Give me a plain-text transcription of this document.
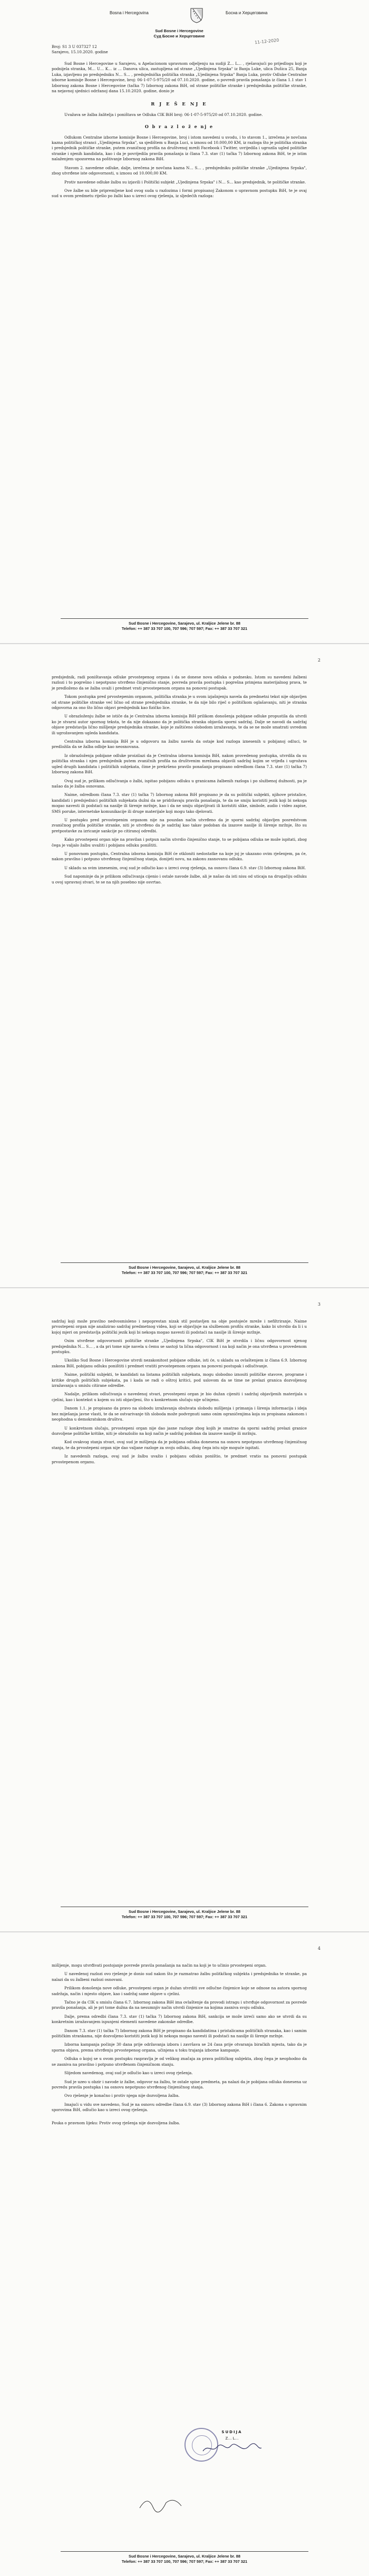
Bosna i Hercegovina	Босна и Херцеговина
Sud Bosne i Hercegovine
Суд Босне и Херцеговине
11-12-2020
Broj: S1 3 U 037327 12
Sarajevo, 15.10.2020. godine

Sud Bosne i Hercegovine u Sarajevu, u Apelacionom upravnom odjeljenju na sudiji Z… L… , rješavajući po prijedlogu koji je podnijela stranka, M… U… K… iz … Danova ulica, zastupljena od strane „Ujedinjena Srpska" iz Banja Luke, ulica Dušica 25, Banja Luka, izjavljenu po predsjedniku N… S… , predsjednička politička stranka „Ujedinjena Srpska" Banja Luka, protiv Odluke Centralne izborne komisije Bosne i Hercegovine, broj: 06-1-07-5-975/20 od 07.10.2020. godine, o povredi pravila ponašanja iz člana 1.1 stav 1 Izbornog zakona Bosne i Hercegovine (tačka 7) Izbornog zakona BiH, od strane političke stranke i predsjednika političke stranke, na nejavnoj sjednici održanoj dana 15.10.2020. godine, donio je

R J E Š E NJ E

Uvažava se žalba žalitelja i poništava se Odluka CIK BiH broj: 06-1-07-5-975/20 od 07.10.2020. godine.

O b r a z l o ž e nj e

Odlukom Centralne izborne komisije Bosne i Hercegovine, broj i istom navedeni u uvodu, i to stavom 1., izrečena je novčana kazna političkoj stranci „Ujedinjena Srpska", sa sjedištem u Banja Luci, u iznosu od 10.000,00 KM, iz razloga što je politička stranka i predsjednik političke stranke, putem zvaničnog profila na društvenoj mreži Facebook i Twitter, uvrijedila i ugrozila ugled političke stranke i njenih kandidata, kao i da je povrijedila pravila ponašanja iz člana 7.3. stav (1) tačka 7) Izbornog zakona BiH, te je istim nalaženjem upozorena na poštivanje Izbornog zakona BiH.

Stavom 2. navedene odluke, dalje, izrečena je novčana kazna N… S… , predsjedniku političke stranke „Ujedinjena Srpska", zbog utvrđene iste odgovornosti, u iznosu od 10.000,00 KM.

Protiv navedene odluke žalbu su izjavili i Politički subjekt „Ujedinjena Srpska" i N… S… kao predsjednik, te političke stranke.

Ove žalbe su bile pripremljene kod ovog suda u razlozima i formi propisanoj Zakonom o upravnom postupku BiH, te je ovaj sud u ovom predmetu riješio po žalbi kao u izreci ovog rješenja, iz sljedećih razloga:

Sud Bosne i Hercegovine, Sarajevo, ul. Kraljice Jelene br. 88
Telefon: ++ 387 33 707 100, 707 596; 707 597; Fax: ++ 387 33 707 321
2

predsjednik, radi poništavanja odluke prvostepenog organa i da se donese nova odluka o podnesku. Istom su navedeni žalbeni razlozi i to pogrešno i nepotpuno utvrđeno činjenično stanje, povreda pravila postupka i pogrešna primjena materijalnog prava, te je predloženo da se žalba uvaži i predmet vrati prvostepenom organu na ponovni postupak.

Tokom postupka pred prvostepenim organom, politička stranka je u svom izjašnjenju navela da predmetni tekst nije objavljen od strane političke stranke već lično od strane predsjednika stranke, te da nije bilo riječ o političkom oglašavanju, niti je stranka odgovorna za ono što lično objavi predsjednik kao fizičko lice.

U obrazloženju žalbe se ističe da je Centralna izborna komisija BiH prilikom donošenja pobijane odluke propustila da utvrdi ko je stvarni autor spornog teksta, te da nije dokazano da je politička stranka objavila sporni sadržaj. Dalje se navodi da sadržaj objave predstavlja lično mišljenje predsjednika stranke, koje je zaštićeno slobodom izražavanja, te da se ne može smatrati uvredom ili ugrožavanjem ugleda kandidata.

Centralna izborna komisija BiH je u odgovoru na žalbu navela da ostaje kod razloga iznesenih u pobijanoj odluci, te predložila da se žalba odbije kao neosnovana.

Iz obrazloženja pobijane odluke proizilazi da je Centralna izborna komisija BiH, nakon provedenog postupka, utvrdila da su politička stranka i njen predsjednik putem zvaničnih profila na društvenim mrežama objavili sadržaj kojim se vrijeđa i ugrožava ugled drugih kandidata i političkih subjekata, čime je prekršeno pravilo ponašanja propisano odredbom člana 7.3. stav (1) tačka 7) Izbornog zakona BiH.

Ovaj sud je, prilikom odlučivanja o žalbi, ispitao pobijanu odluku u granicama žalbenih razloga i po službenoj dužnosti, pa je našao da je žalba osnovana.

Naime, odredbom člana 7.3. stav (1) tačka 7) Izbornog zakona BiH propisano je da su politički subjekti, njihove pristalice, kandidati i predsjednici političkih subjekata dužni da se pridržavaju pravila ponašanja, te da ne smiju koristiti jezik koji bi nekoga mogao navesti ili podstaći na nasilje ili širenje mržnje, kao i da ne smiju objavljivati ili koristiti slike, simbole, audio i video zapise, SMS poruke, internetske komunikacije ili druge materijale koji mogu tako djelovati.

U postupku pred prvostepenim organom nije na pouzdan način utvrđeno da je sporni sadržaj objavljen posredstvom zvaničnog profila političke stranke, niti je utvrđeno da je sadržaj kao takav podoban da izazove nasilje ili širenje mržnje, što su pretpostavke za izricanje sankcije po citiranoj odredbi.

Kako prvostepeni organ nije na pravilan i potpun način utvrdio činjenično stanje, to se pobijana odluka ne može ispitati, zbog čega je valjalo žalbu uvažiti i pobijanu odluku poništiti.

U ponovnom postupku, Centralna izborna komisija BiH će otkloniti nedostatke na koje joj je ukazano ovim rješenjem, pa će, nakon pravilno i potpuno utvrđenog činjeničnog stanja, donijeti novu, na zakonu zasnovanu odluku.

U skladu sa svim iznesenim, ovaj sud je odlučio kao u izreci ovog rješenja, na osnovu člana 6.9. stav (3) Izbornog zakona BiH.

Sud napominje da je prilikom odlučivanja cijenio i ostale navode žalbe, ali je našao da isti nisu od uticaja na drugačiju odluku u ovoj upravnoj stvari, te se na njih posebno nije osvrtao.

Sud Bosne i Hercegovine, Sarajevo, ul. Kraljice Jelene br. 88
Telefon: ++ 387 33 707 100, 707 596; 707 597; Fax: ++ 387 33 707 321
3

sadržaj koji može pravilno nedvosmisleno i nepoprestan nizak stil postavljen na obje postojeće mreže i nefiltriranje. Naime prvostepeni organ nije analizirao sadržaj predmetnog videa, koji se objavljuje na službenom profilu stranke, kako bi utvrdio da li i u kojoj mjeri on predstavlja politički jezik koji bi nekoga mogao navesti ili podstaći na nasilje ili širenje mržnje.

Osim utvrđene odgovornosti političke stranke „Ujedinjena Srpska", CIK BiH je utvrdila i ličnu odgovornost njenog predsjednika N… S… , a da pri tome nije navela u čemu se sastoji ta lična odgovornost i na koji način je ona utvrđena u provedenom postupku.

Ukoliko Sud Bosne i Hercegovine utvrdi nezakonitost pobijane odluke, isti će, u skladu sa ovlaštenjem iz člana 6.9. Izbornog zakona BiH, pobijanu odluku poništiti i predmet vratiti prvostepenom organu na ponovni postupak i odlučivanje.

Naime, politički subjekti, te kandidati na listama političkih subjekata, mogu slobodno iznositi političke stavove, programe i kritike drugih političkih subjekata, pa i kada se radi o oštroj kritici, pod uslovom da se time ne prelazi granica dozvoljenog izražavanja u smislu citirane odredbe.

Nadalje, prilikom odlučivanja o navedenoj stvari, prvostepeni organ je bio dužan cijeniti i sadržaj objavljenih materijala u cjelini, kao i kontekst u kojem su isti objavljeni, što u konkretnom slučaju nije učinjeno.

Danom 1.1. je propisano da pravo na slobodu izražavanja obuhvata slobodu mišljenja i primanja i širenja informacija i ideja bez miješanja javne vlasti, te da se ostvarivanje tih sloboda može podvrgnuti samo onim ograničenjima koja su propisana zakonom i neophodna u demokratskom društvu.

U konkretnom slučaju, prvostepeni organ nije dao jasne razloge zbog kojih je smatrao da sporni sadržaj prelazi granice dozvoljene političke kritike, niti je obrazložio na koji način je sadržaj podoban da izazove nasilje ili mržnju.

Kod ovakvog stanja stvari, ovaj sud je mišljenja da je pobijana odluka donesena na osnovu nepotpuno utvrđenog činjeničnog stanja, te da prvostepeni organ nije dao valjane razloge za svoju odluku, zbog čega istu nije moguće ispitati.

Iz navedenih razloga, ovaj sud je žalbu uvažio i pobijanu odluku poništio, te predmet vratio na ponovni postupak prvostepenom organu.

Sud Bosne i Hercegovine, Sarajevo, ul. Kraljice Jelene br. 88
Telefon: ++ 387 33 707 100, 707 596; 707 597; Fax: ++ 387 33 707 321
4

mišljenje, mogu utvrđivati postojanje povrede pravila ponašanja na način na koji je to učinio prvostepeni organ.

U navedenoj razlozi ovo rješenje je donio sud nakon što je razmatrao žalbu politkčkog subjekta i predsjednika te stranke, pa nalazi da su žalbeni razlozi osnovani.

Prilikom donošenja nove odluke, prvostepeni organ je dužan utvrditi sve odlučne činjenice koje se odnose na autora spornog sadržaja, način i mjesto objave, kao i sadržaj same objave u cjelini.

Tačno je da CIK u smislu člana 6.7. Izbornog zakona BiH ima ovlaštenje da provodi istragu i utvrđuje odgovornost za povrede pravila ponašanja, ali je pri tome dužna da na nesumnjiv način utvrdi činjenice na kojima zasniva svoju odluku.

Dalje, prema odredbi člana 7.3. stav (1) tačka 7) Izbornog zakona BiH, sankcija se može izreći samo ako se utvrdi da su konkretnim izražavanjem ispunjeni elementi navedene zakonske odredbe.

Danom 7.3. stav (1) tačka 7) Izbornog zakona BiH je propisano da kandidatima i pristalicama političkih stranaka, kao i samim političkim strankama, nije dozvoljeno koristiti jezik koji bi nekoga mogao navesti ili podstaći na nasilje ili širenje mržnje.

Izborna kampanja počinje 30 dana prije održavanja izbora i završava se 24 časa prije otvaranja biračkih mjesta, tako da je sporna objava, prema utvrđenju prvostepenog organa, učinjena u toku trajanja izborne kampanje.

Odluka o kojoj se u ovom postupku raspravlja je od velikog značaja za prava političkog subjekta, zbog čega je neophodno da se zasniva na pravilno i potpuno utvrđenom činjeničnom stanju.

Slijedom navedenog, ovaj sud je odlučio kao u izreci ovog rješenja.

Sud je uzeo u obzir i navode iz žalbe, odgovor na žalbu, te ostale spise predmeta, pa nalazi da je pobijana odluka donesena uz povredu pravila postupka i na osnovu nepotpuno utvrđenog činjeničnog stanja.

Ovo rješenje je konačno i protiv njega nije dozvoljena žalba.

Imajući u vidu sve navedeno, Sud je na osnovu odredbe člana 6.9. stav (3) Izbornog zakona BiH i člana 6. Zakona o upravnim sporovima BiH, odlučio kao u izreci ovog rješenja.

Pouka o pravnom lijeku: Protiv ovog rješenja nije dozvoljena žalba.

SUDIJA
Z… L…
Sud Bosne i Hercegovine, Sarajevo, ul. Kraljice Jelene br. 88
Telefon: ++ 387 33 707 100, 707 596; 707 597; Fax: ++ 387 33 707 321
